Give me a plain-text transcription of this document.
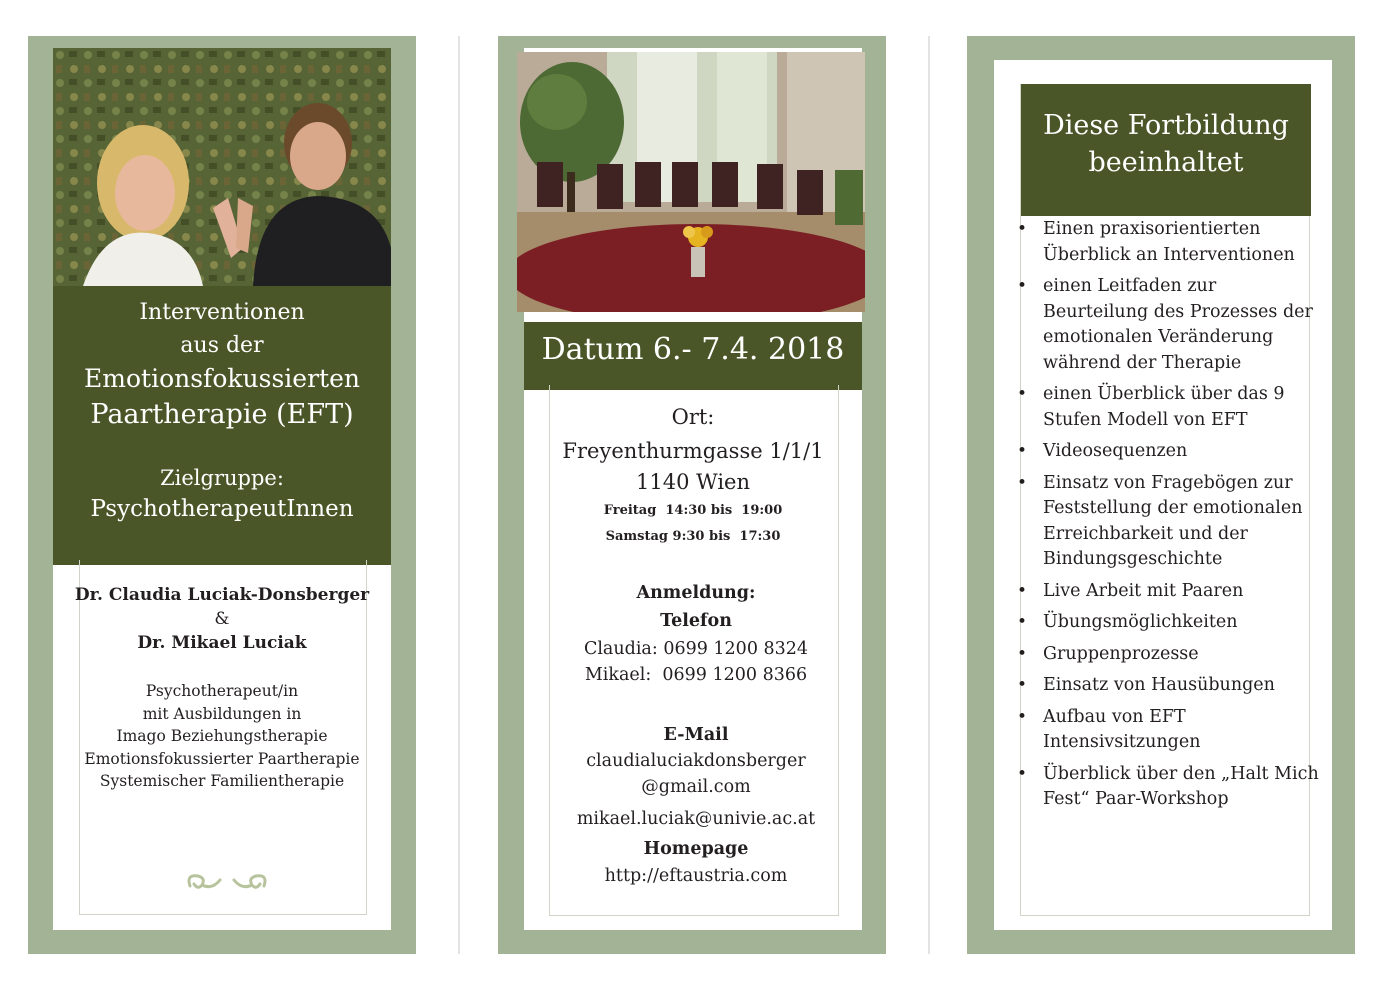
Interventionen
aus der
Emotionsfokussierten
Paartherapie (EFT)
Zielgruppe:
PsychotherapeutInnen
Dr. Claudia Luciak-Donsberger
&
Dr. Mikael Luciak
Psychotherapeut/in
mit Ausbildungen in
Imago Beziehungstherapie
Emotionsfokussierter Paartherapie
Systemischer Familientherapie
Datum 6.- 7.4. 2018
Ort:
Freyenthurmgasse 1/1/1
1140 Wien
Freitag  14:30 bis  19:00
Samstag 9:30 bis  17:30
Anmeldung:
Telefon
Claudia: 0699 1200 8324
Mikael:  0699 1200 8366
E-Mail
claudialuciakdonsberger
@gmail.com
mikael.luciak@univie.ac.at
Homepage
http://eftaustria.com
Diese Fortbildung
beeinhaltet
• Einen praxisorientierten Überblick an Interventionen
• einen Leitfaden zur Beurteilung des Prozesses der emotionalen Veränderung während der Therapie
• einen Überblick über das 9 Stufen Modell von EFT
• Videosequenzen
• Einsatz von Fragebögen zur Feststellung der emotionalen Erreichbarkeit und der Bindungsgeschichte
• Live Arbeit mit Paaren
• Übungsmöglichkeiten
• Gruppenprozesse
• Einsatz von Hausübungen
• Aufbau von EFT Intensivsitzungen
• Überblick über den „Halt Mich Fest“ Paar-Workshop
